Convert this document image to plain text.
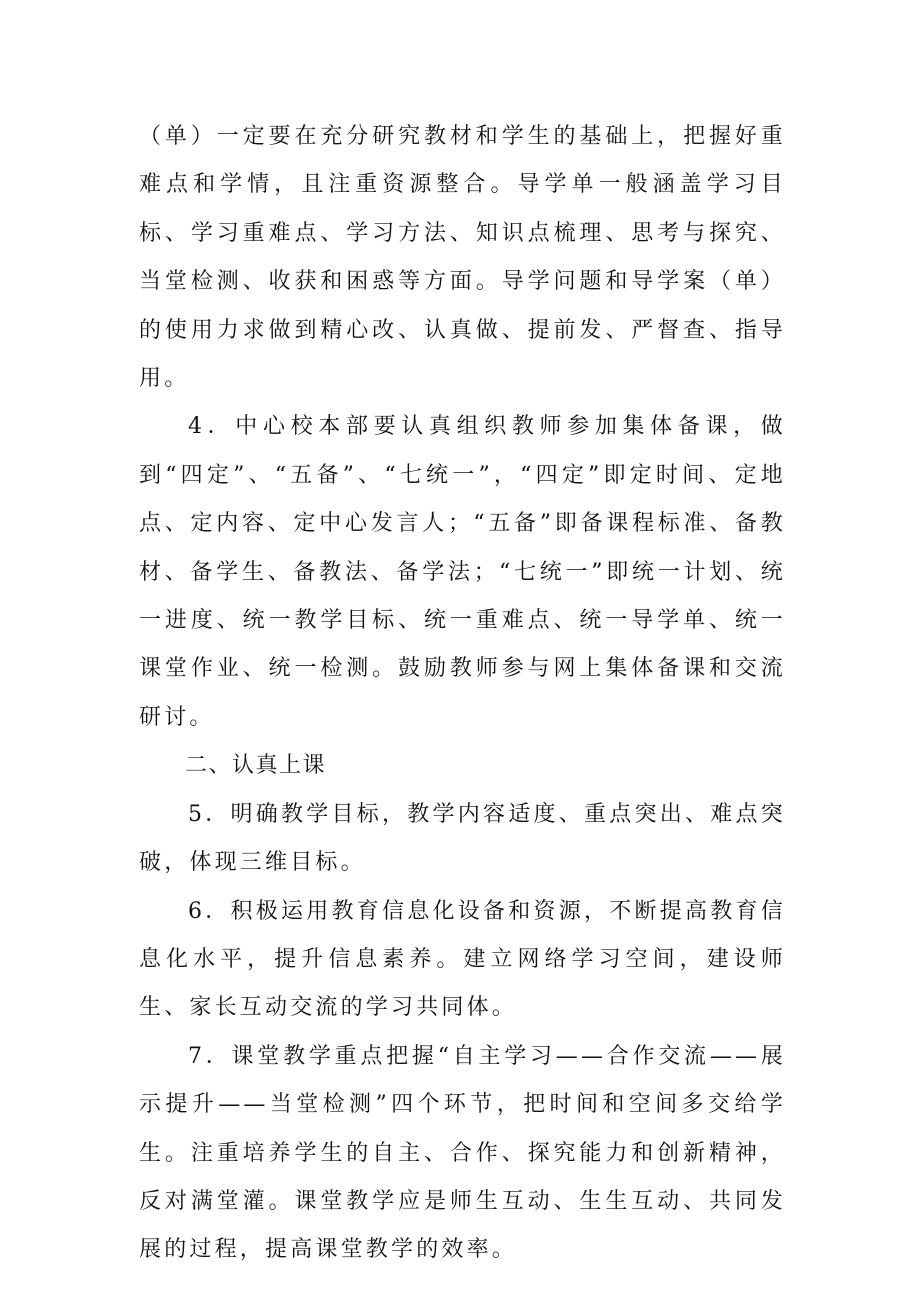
（单）一定要在充分研究教材和学生的基础上，把握好重难点和学情，且注重资源整合。导学单一般涵盖学习目标、学习重难点、学习方法、知识点梳理、思考与探究、当堂检测、收获和困惑等方面。导学问题和导学案（单）的使用力求做到精心改、认真做、提前发、严督查、指导用。

4．中心校本部要认真组织教师参加集体备课，做到“四定”、“五备”、“七统一”，“四定”即定时间、定地点、定内容、定中心发言人；“五备”即备课程标准、备教材、备学生、备教法、备学法；“七统一”即统一计划、统一进度、统一教学目标、统一重难点、统一导学单、统一课堂作业、统一检测。鼓励教师参与网上集体备课和交流研讨。

二、认真上课

5．明确教学目标，教学内容适度、重点突出、难点突破，体现三维目标。

6．积极运用教育信息化设备和资源，不断提高教育信息化水平，提升信息素养。建立网络学习空间，建设师生、家长互动交流的学习共同体。

7．课堂教学重点把握“自主学习——合作交流——展示提升——当堂检测”四个环节，把时间和空间多交给学生。注重培养学生的自主、合作、探究能力和创新精神，反对满堂灌。课堂教学应是师生互动、生生互动、共同发展的过程，提高课堂教学的效率。
